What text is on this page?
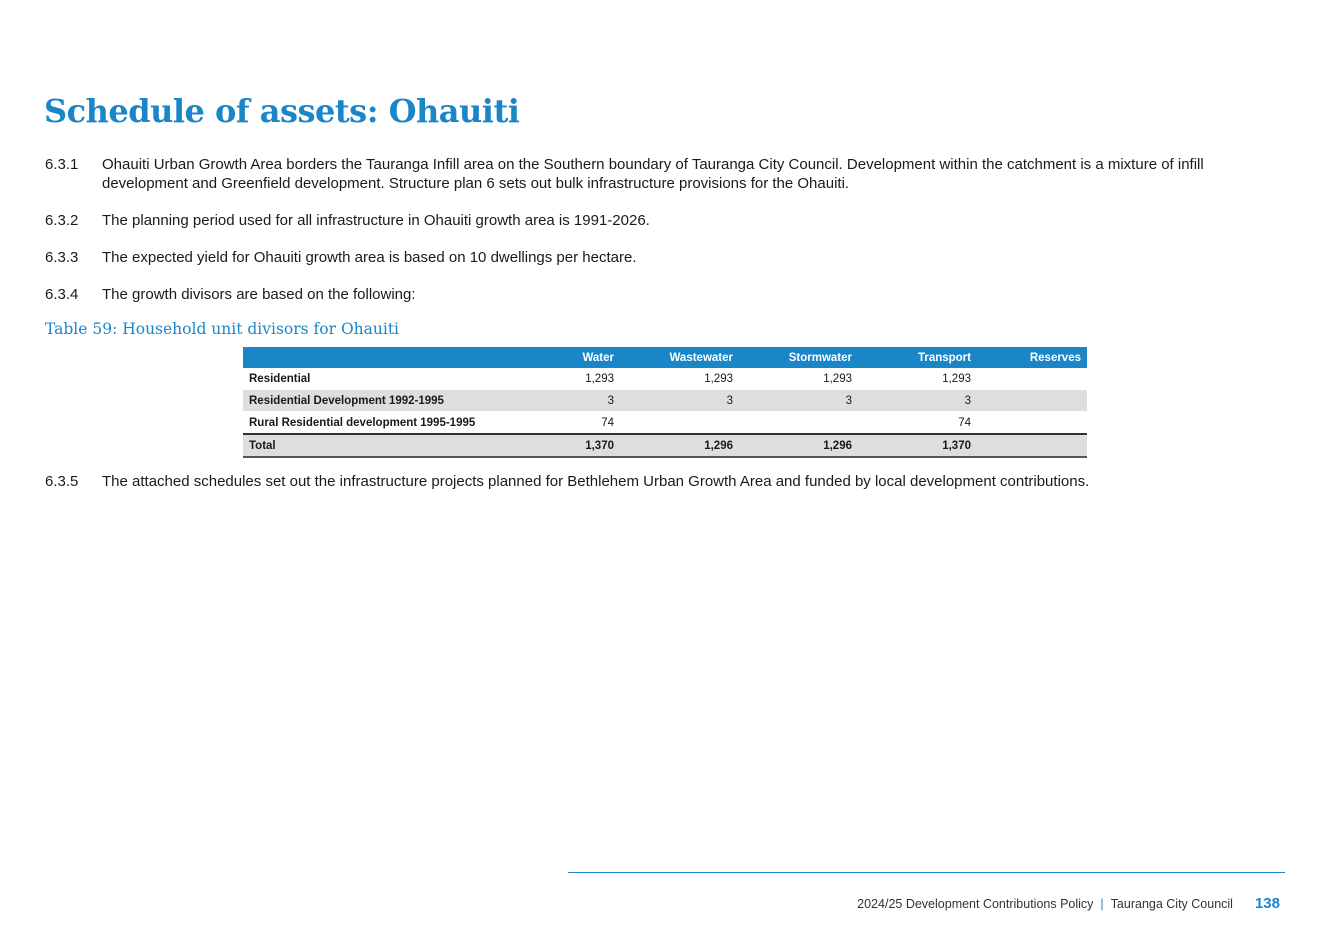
Schedule of assets: Ohauiti
6.3.1	Ohauiti Urban Growth Area borders the Tauranga Infill area on the Southern boundary of Tauranga City Council. Development within the catchment is a mixture of infill development and Greenfield development. Structure plan 6 sets out bulk infrastructure provisions for the Ohauiti.
6.3.2	The planning period used for all infrastructure in Ohauiti growth area is 1991-2026.
6.3.3	The expected yield for Ohauiti growth area is based on 10 dwellings per hectare.
6.3.4	The growth divisors are based on the following:
Table 59: Household unit divisors for Ohauiti
	Water	Wastewater	Stormwater	Transport	Reserves
Residential	1,293	1,293	1,293	1,293	
Residential Development 1992-1995	3	3	3	3	
Rural Residential development 1995-1995	74			74	
Total	1,370	1,296	1,296	1,370	
6.3.5	The attached schedules set out the infrastructure projects planned for Bethlehem Urban Growth Area and funded by local development contributions.
2024/25 Development Contributions Policy | Tauranga City Council 138
